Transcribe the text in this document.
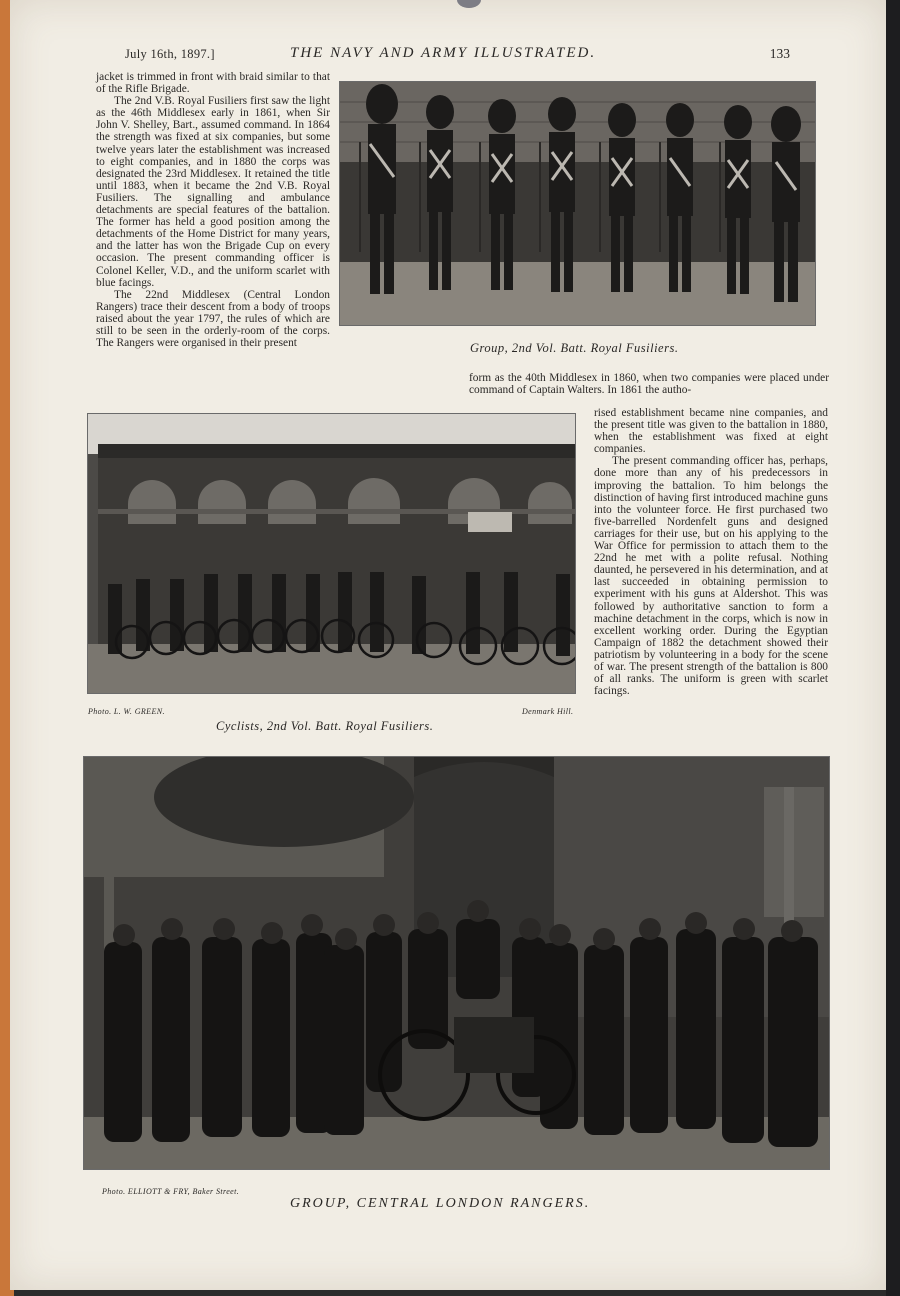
July 16th, 1897.]	THE NAVY AND ARMY ILLUSTRATED.	133

jacket is trimmed in front with braid similar to that of the Rifle Brigade.

The 2nd V.B. Royal Fusiliers first saw the light as the 46th Middlesex early in 1861, when Sir John V. Shelley, Bart., assumed command. In 1864 the strength was fixed at six companies, but some twelve years later the establishment was increased to eight companies, and in 1880 the corps was designated the 23rd Middlesex. It retained the title until 1883, when it became the 2nd V.B. Royal Fusiliers. The signalling and ambulance detachments are special features of the battalion. The former has held a good position among the detachments of the Home District for many years, and the latter has won the Brigade Cup on every occasion. The present commanding officer is Colonel Keller, V.D., and the uniform scarlet with blue facings.

The 22nd Middlesex (Central London Rangers) trace their descent from a body of troops raised about the year 1797, the rules of which are still to be seen in the orderly-room of the corps. The Rangers were organised in their present

form as the 40th Middlesex in 1860, when two companies were placed under command of Captain Walters. In 1861 the autho-
Group, 2nd Vol. Batt. Royal Fusiliers.
Photo. L. W. GREEN.	Denmark Hill.
Cyclists, 2nd Vol. Batt. Royal Fusiliers.

rised establishment became nine companies, and the present title was given to the battalion in 1880, when the establishment was fixed at eight companies.

The present commanding officer has, perhaps, done more than any of his predecessors in improving the battalion. To him belongs the distinction of having first introduced machine guns into the volunteer force. He first purchased two five-barrelled Nordenfelt guns and designed carriages for their use, but on his applying to the War Office for permission to attach them to the 22nd he met with a polite refusal. Nothing daunted, he persevered in his determination, and at last succeeded in obtaining permission to experiment with his guns at Aldershot. This was followed by authoritative sanction to form a machine detachment in the corps, which is now in excellent working order. During the Egyptian Campaign of 1882 the detachment showed their patriotism by volunteering in a body for the scene of war. The present strength of the battalion is 800 of all ranks. The uniform is green with scarlet facings.

Photo. ELLIOTT & FRY, Baker Street.
GROUP, CENTRAL LONDON RANGERS.
